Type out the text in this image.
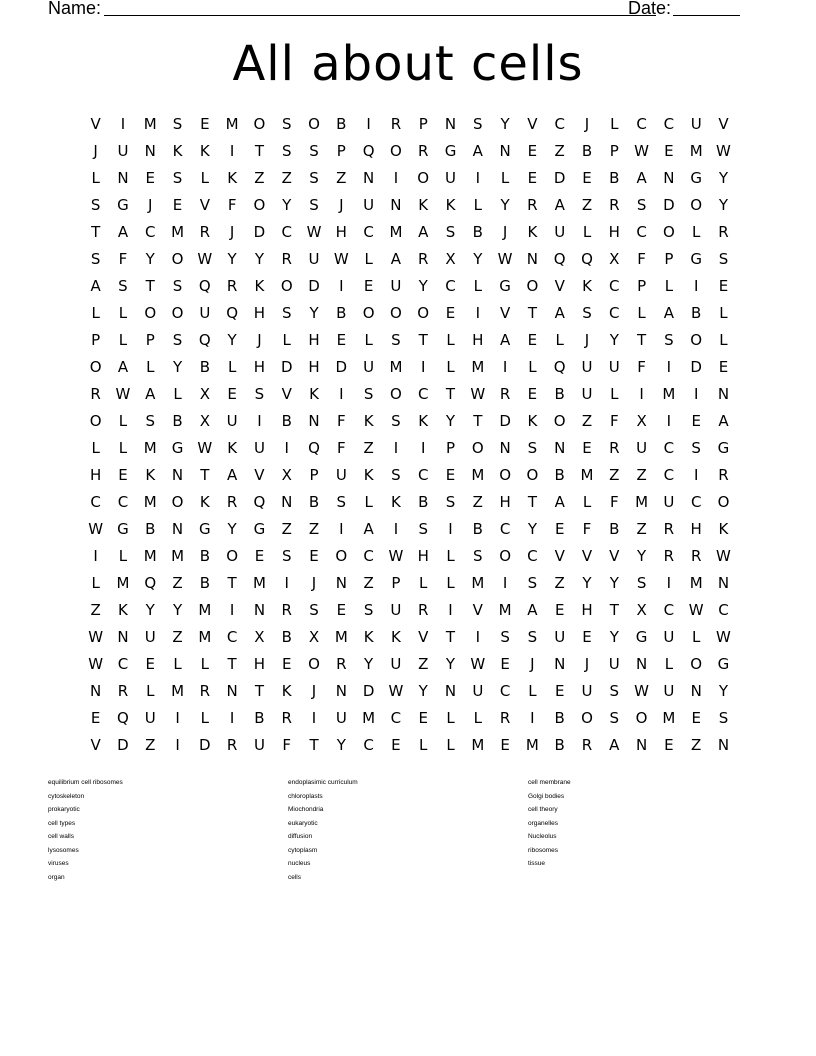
Name:	Date:
All about cells
V	I	M	S	E	M O	S	O	B	I	R	P	N	S	Y	V	C	J	L	C	C	U	V
J	U	N	K	K	I	T	S	S	P	Q	O	R	G	A	N	E	Z	B	P	W	E	M W
L	N	E	S	L	K	Z	Z	S	Z	N	I	O	U	I	L	E	D	E	B	A	N	G	Y
S	G	J	E	V	F	O	Y	S	J	U	N	K	K	L	Y	R	A	Z	R	S	D	O	Y
T	A	C	M	R	J	D	C W H	C	M	A	S	B	J	K	U	L	H	C	O	L	R
S	F	Y	O W	Y	Y	R	U W	L	A	R	X	Y	W N	Q	Q	X	F	P	G	S
A	S	T	S	Q	R	K	O	D	I	E	U	Y	C	L	G	O	V	K	C	P	L	I	E
L	L	O	O	U	Q	H	S	Y	B	O	O	O	E	I	V	T	A	S	C	L	A	B	L
P	L	P	S	Q	Y	J	L	H	E	L	S	T	L	H	A	E	L	J	Y	T	S	O	L
O	A	L	Y	B	L	H	D	H	D	U	M	I	L	M	I	L	Q	U	U	F	I	D	E
R W A	L	X	E	S	V	K	I	S	O	C	T	W R	E	B	U	L	I	M	I	N
O	L	S	B	X	U	I	B	N	F	K	S	K	Y	T	D	K	O	Z	F	X	I	E	A
L	L	M	G W K	U	I	Q	F	Z	I	I	P	O	N	S	N	E	R	U	C	S	G
H	E	K	N	T	A	V	X	P	U	K	S	C	E	M O	O	B	M	Z	Z	C	I	R
C	C	M O	K	R	Q	N	B	S	L	K	B	S	Z	H	T	A	L	F	M	U	C	O
W G	B	N	G	Y	G	Z	Z	I	A	I	S	I	B	C	Y	E	F	B	Z	R	H	K
I	L	M M	B	O	E	S	E	O	C W H	L	S	O	C	V	V	V	Y	R	R W
L	M Q	Z	B	T	M	I	J	N	Z	P	L	L	M	I	S	Z	Y	Y	S	I	M	N
Z	K	Y	Y	M	I	N	R	S	E	S	U	R	I	V	M	A	E	H	T	X	C W C
W N	U	Z	M	C	X	B	X	M	K	K	V	T	I	S	S	U	E	Y	G	U	L	W
W C	E	L	L	T	H	E	O	R	Y	U	Z	Y	W	E	J	N	J	U	N	L	O	G
N	R	L	M	R	N	T	K	J	N	D W	Y	N	U	C	L	E	U	S	W U	N	Y
E	Q	U	I	L	I	B	R	I	U	M	C	E	L	L	R	I	B	O	S	O M	E	S
V	D	Z	I	D	R	U	F	T	Y	C	E	L	L	M	E	M	B	R	A	N	E	Z	N
equilibrium cell ribosomes
cytoskeleton
prokaryotic
cell types
cell walls
lysosomes
viruses
organ
endoplasimic curriculum
chloroplasts
Miochondria
eukaryotic
diffusion
cytoplasm
nucleus
cells
cell membrane
Golgi bodies
cell theory
organelles
Nucleolus
ribosomes
tissue
